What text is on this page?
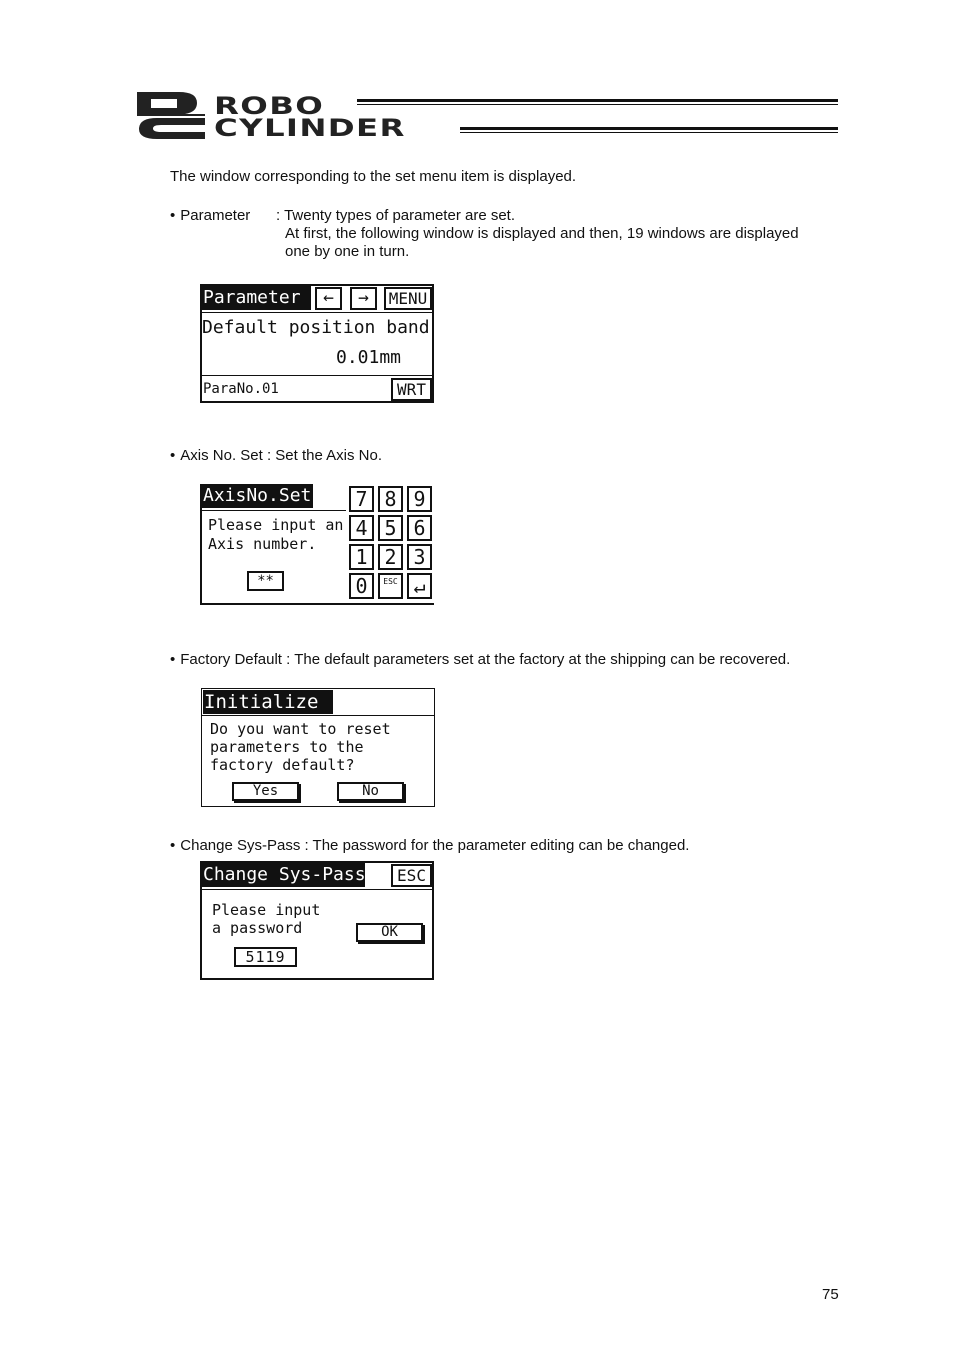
ROBO
CYLINDER
The window corresponding to the set menu item is displayed.
• Parameter : Twenty types of parameter are set.
At first, the following window is displayed and then, 19 windows are displayed
one by one in turn.
Parameter	←	→	MENU
Default position band
0.01mm
ParaNo.01	WRT
• Axis No. Set : Set the Axis No.
AxisNo.Set
Please input an
Axis number.
**
7 8 9
4 5 6
1 2 3
0	ESC ↵
• Factory Default : The default parameters set at the factory at the shipping can be recovered.
Initialize
Do you want to reset
parameters to the
factory default?
Yes	No
• Change Sys-Pass : The password for the parameter editing can be changed.
Change Sys-Pass	ESC
Please input
a password	OK
5119
75
